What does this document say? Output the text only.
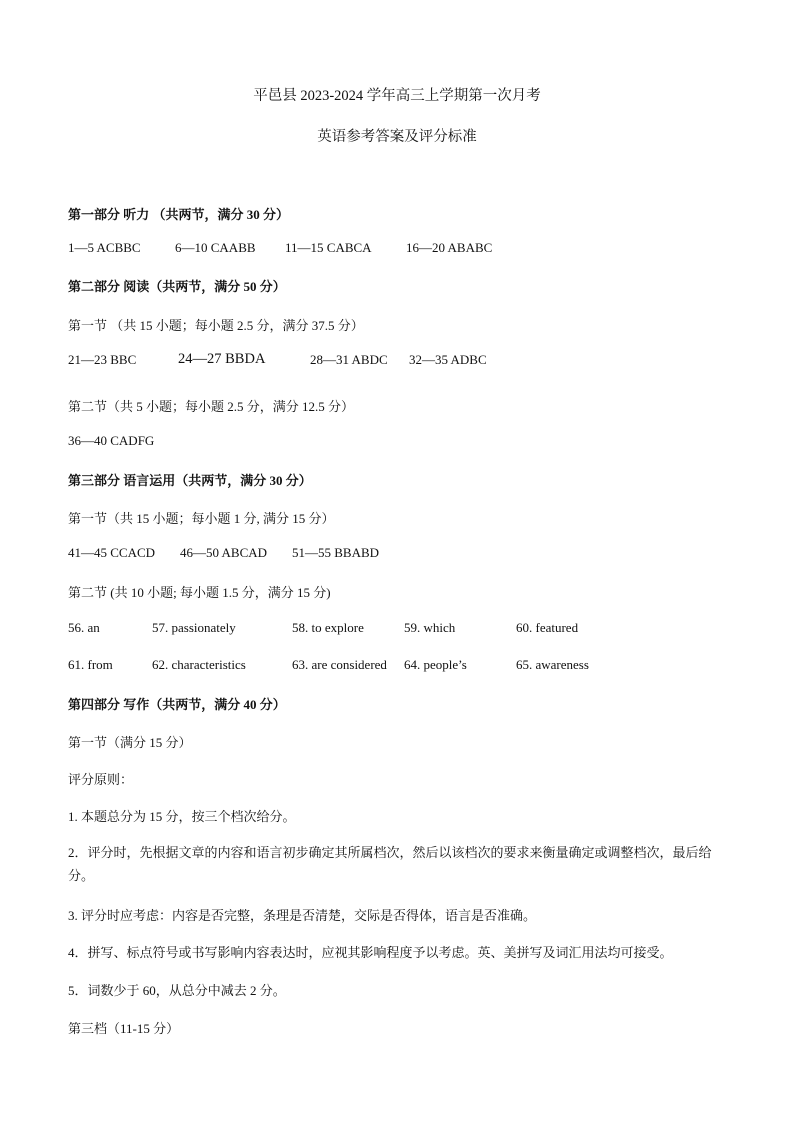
平邑县 2023-2024 学年高三上学期第一次月考
英语参考答案及评分标准
第一部分 听力 （共两节，满分 30 分）
1—5 ACBBC	6—10 CAABB 11—15 CABCA	16—20 ABABC
第二部分 阅读（共两节，满分 50 分）
第一节 （共 15 小题；每小题 2.5 分，满分 37.5 分）
21—23 BBC	24—27 BBDA	28—31 ABDC 32—35 ADBC
第二节（共 5 小题；每小题 2.5 分，满分 12.5 分）
36—40 CADFG
第三部分 语言运用（共两节，满分 30 分）
第一节（共 15 小题；每小题 1 分, 满分 15 分）
41—45 CCACD 46—50 ABCAD 51—55 BBABD
第二节 (共 10 小题; 每小题 1.5 分，满分 15 分)
56. an	57. passionately	58. to explore	59. which	60. featured
61. from	62. characteristics	63. are considered 64. people’s	65. awareness
第四部分 写作（共两节，满分 40 分）
第一节（满分 15 分）
评分原则：
1. 本题总分为 15 分，按三个档次给分。
2．评分时，先根据文章的内容和语言初步确定其所属档次，然后以该档次的要求来衡量确定或调整档次，最后给分。
3. 评分时应考虑：内容是否完整，条理是否清楚，交际是否得体，语言是否准确。
4．拼写、标点符号或书写影响内容表达时，应视其影响程度予以考虑。英、美拼写及词汇用法均可接受。
5．词数少于 60，从总分中减去 2 分。
第三档（11-15 分）
